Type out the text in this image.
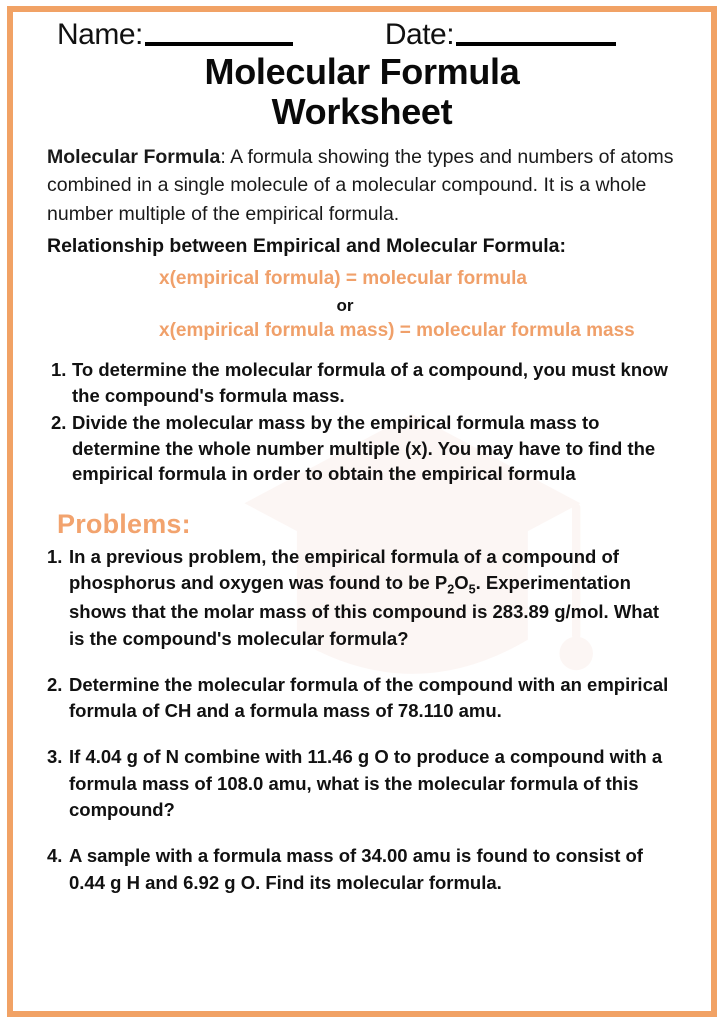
Name:	Date:
Molecular Formula
Worksheet

Molecular Formula: A formula showing the types and numbers of atoms combined in a single molecule of a molecular compound. It is a whole number multiple of the empirical formula.

Relationship between Empirical and Molecular Formula:
x(empirical formula) = molecular formula
or
x(empirical formula mass) = molecular formula mass
1. To determine the molecular formula of a compound, you must know the compound's formula mass.
2. Divide the molecular mass by the empirical formula mass to determine the whole number multiple (x). You may have to find the empirical formula in order to obtain the empirical formula
Problems:
1. In a previous problem, the empirical formula of a compound of phosphorus and oxygen was found to be $P_2O_5$. Experimentation shows that the molar mass of this compound is 283.89 g/mol. What is the compound's molecular formula?
2. Determine the molecular formula of the compound with an empirical formula of CH and a formula mass of 78.110 amu.
3. If 4.04 g of N combine with 11.46 g O to produce a compound with a formula mass of 108.0 amu, what is the molecular formula of this compound?
4. A sample with a formula mass of 34.00 amu is found to consist of 0.44 g H and 6.92 g O. Find its molecular formula.
